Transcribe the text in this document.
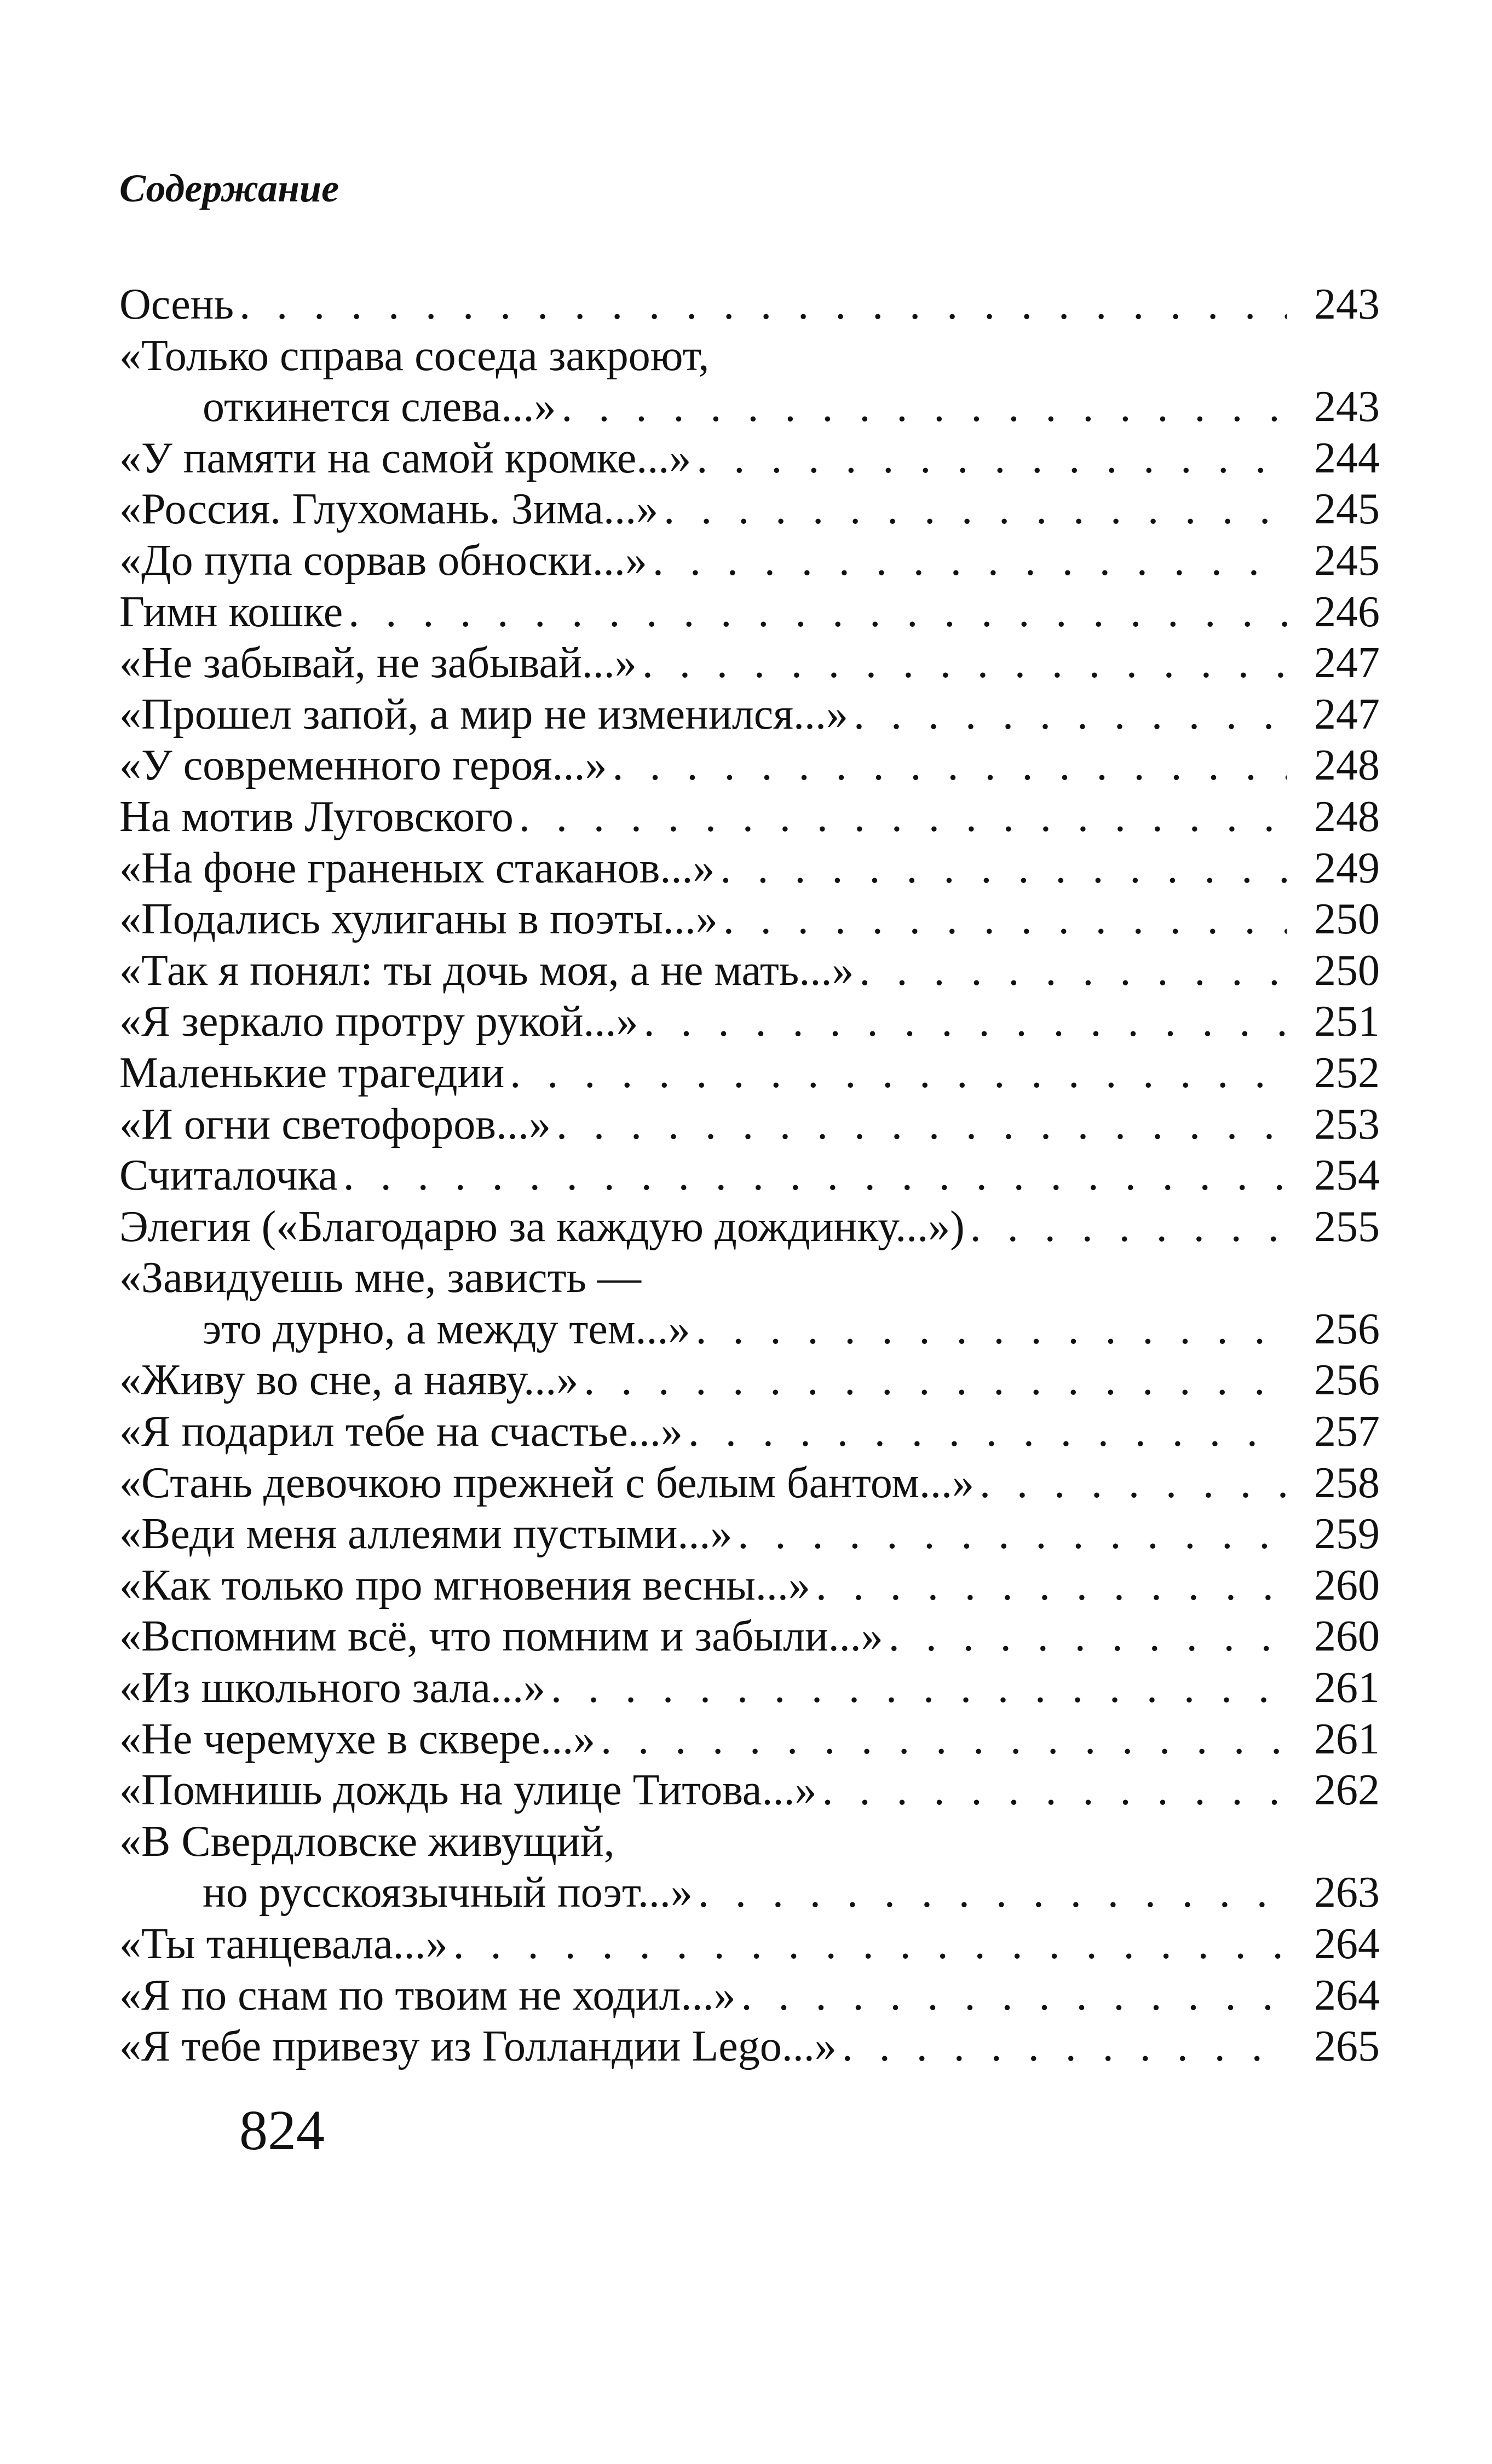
Содержание
Осень . . .	243
«Только справа соседа закроют,
откинется слева...» . . .	243
«У памяти на самой кромке...» . . .	244
«Россия. Глухомань. Зима...» . . .	245
«До пупа сорвав обноски...» . . .	245
Гимн кошке . . .	246
«Не забывай, не забывай...» . . .	247
«Прошел запой, а мир не изменился...» . . .	247
«У современного героя...» . . .	248
На мотив Луговского . . .	248
«На фоне граненых стаканов...» . . .	249
«Подались хулиганы в поэты...» . . .	250
«Так я понял: ты дочь моя, а не мать...» . . .	250
«Я зеркало протру рукой...» . . .	251
Маленькие трагедии . . .	252
«И огни светофоров...» . . .	253
Считалочка . . .	254
Элегия («Благодарю за каждую дождинку...») . . .	255
«Завидуешь мне, зависть —
это дурно, а между тем...» . . .	256
«Живу во сне, а наяву...» . . .	256
«Я подарил тебе на счастье...» . . .	257
«Стань девочкою прежней с белым бантом...» . . .	258
«Веди меня аллеями пустыми...» . . .	259
«Как только про мгновения весны...» . . .	260
«Вспомним всё, что помним и забыли...» . . .	260
«Из школьного зала...» . . .	261
«Не черемухе в сквере...» . . .	261
«Помнишь дождь на улице Титова...» . . .	262
«В Свердловске живущий,
но русскоязычный поэт...» . . .	263
«Ты танцевала...» . . .	264
«Я по снам по твоим не ходил...» . . .	264
«Я тебе привезу из Голландии Lego...» . . .	265
824
